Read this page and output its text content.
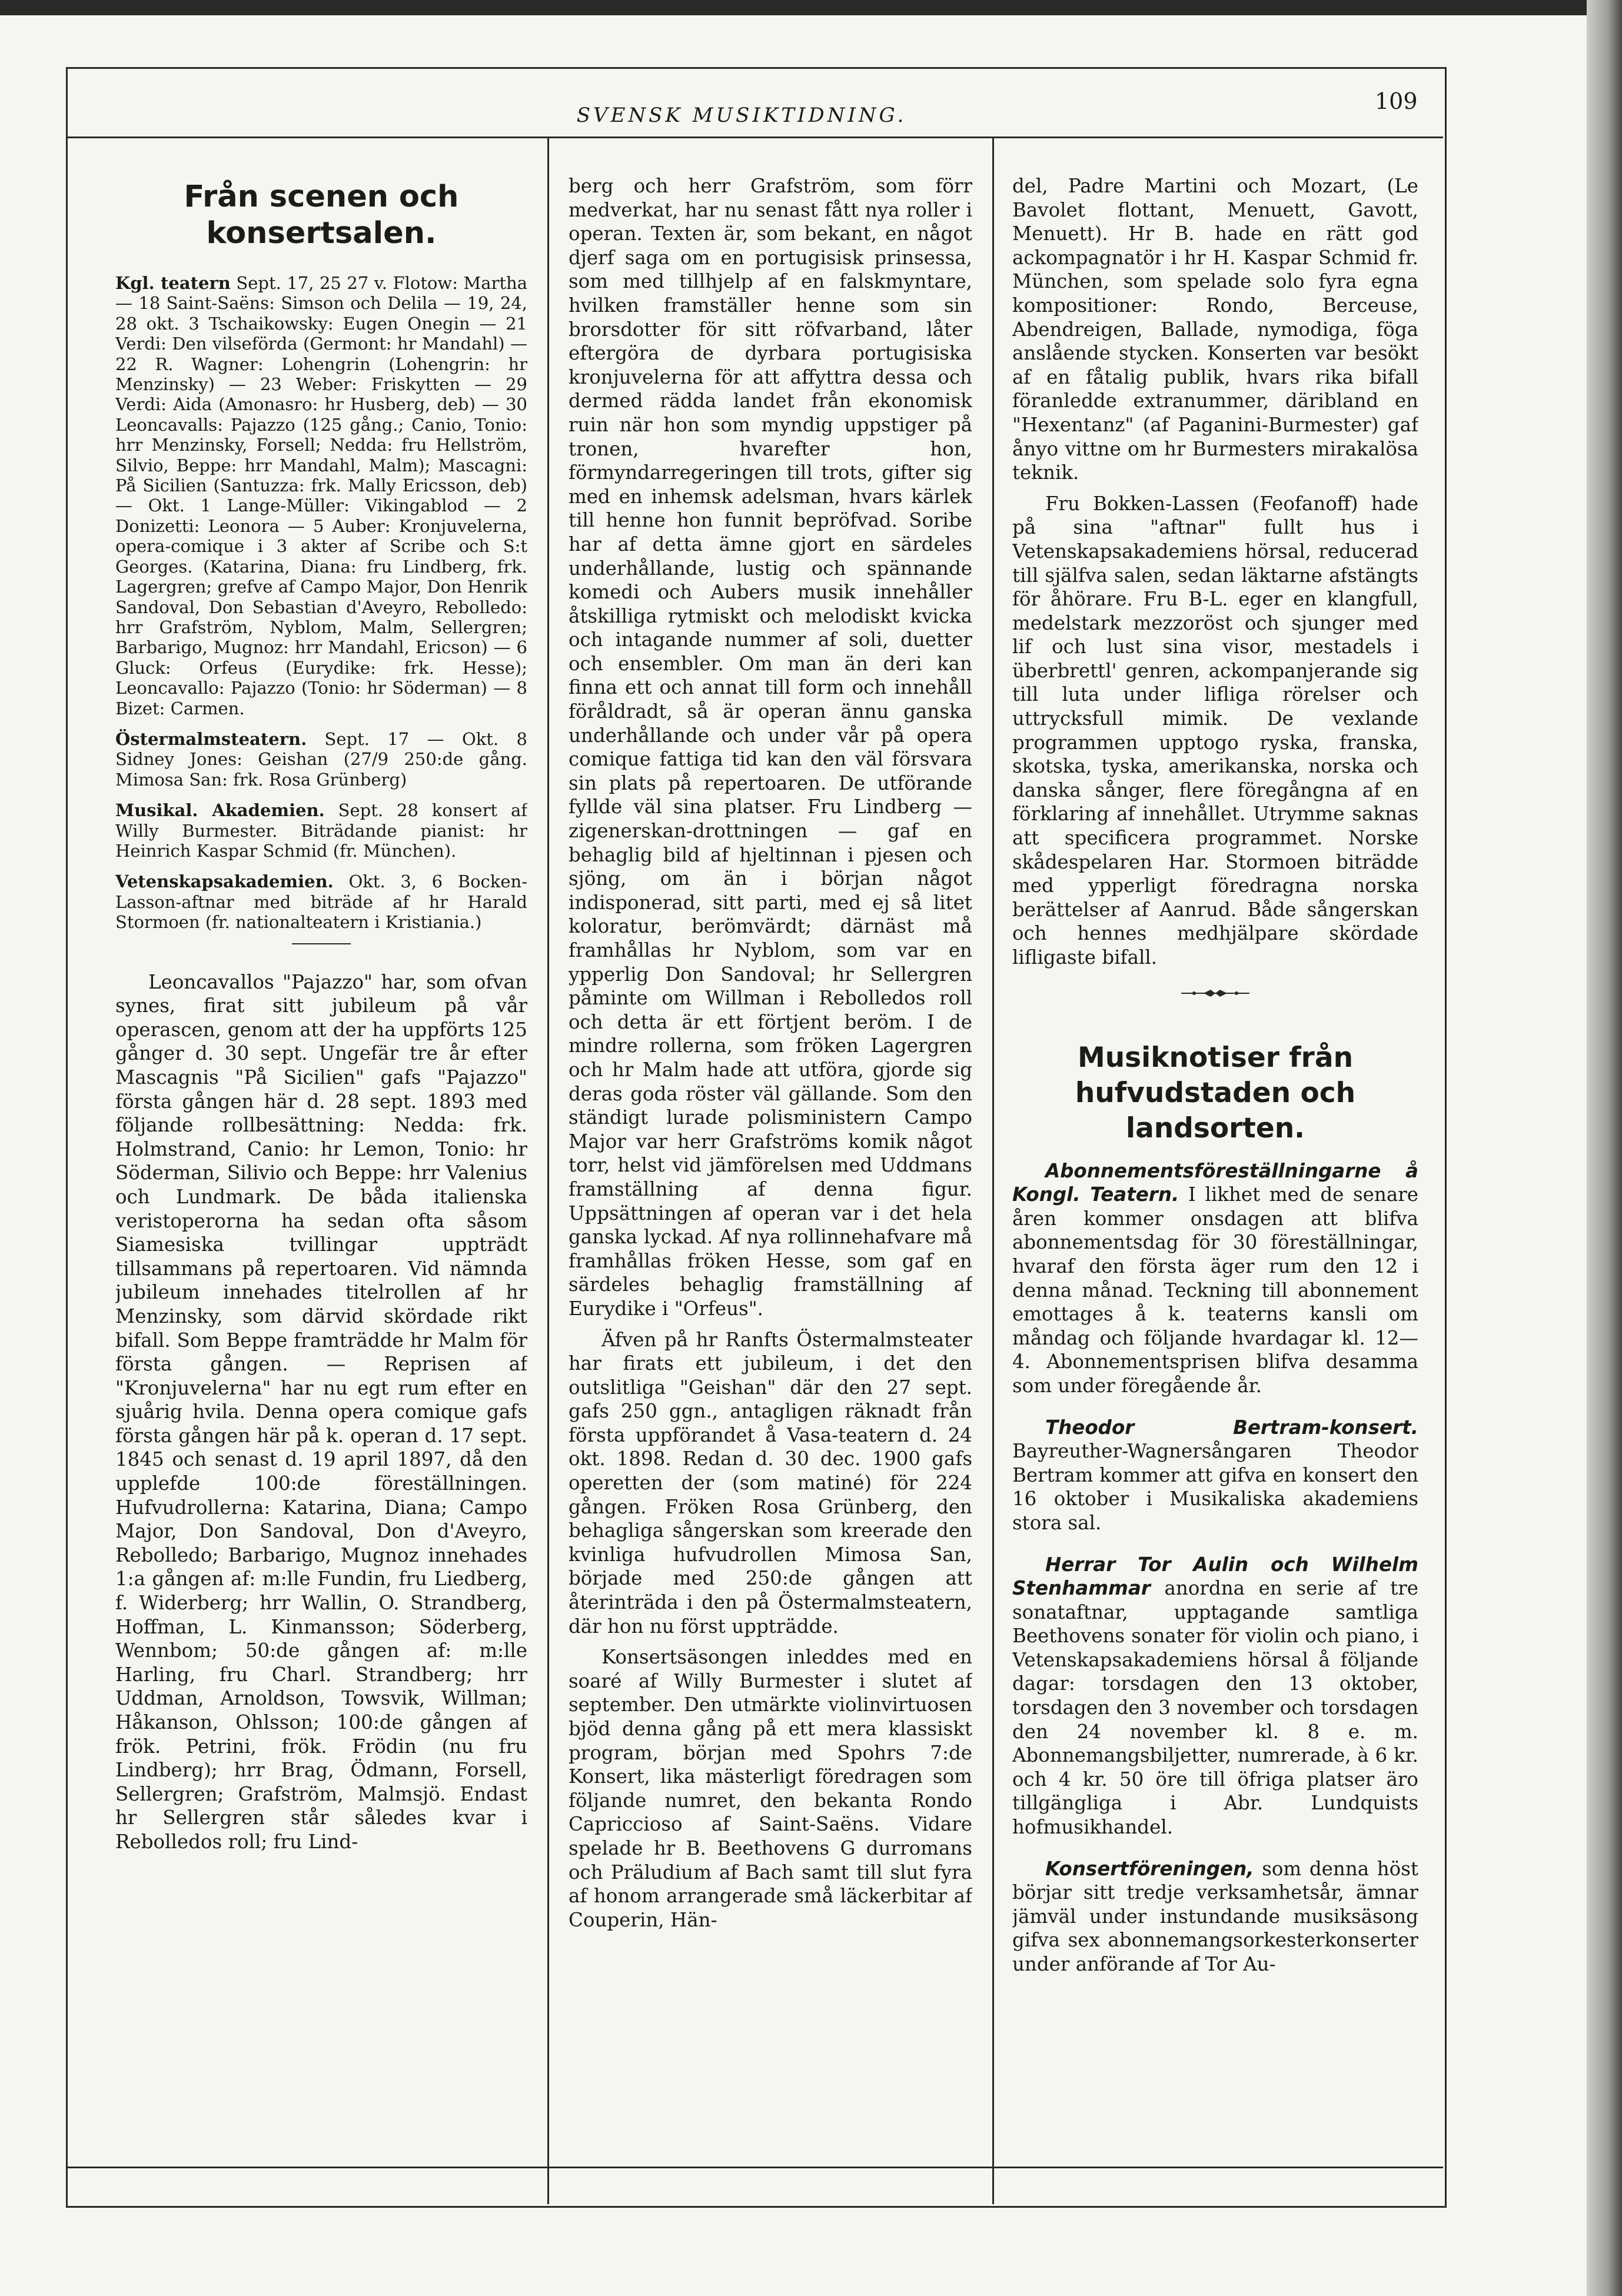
SVENSK MUSIKTIDNING.
109
Från scenen och konsertsalen.

Kgl. teatern Sept. 17, 25 27 v. Flotow: Martha — 18 Saint-Saëns: Simson och Delila — 19, 24, 28 okt. 3 Tschaikowsky: Eugen Onegin — 21 Verdi: Den vilseförda (Germont: hr Mandahl) — 22 R. Wagner: Lohengrin (Lohengrin: hr Menzinsky) — 23 Weber: Friskytten — 29 Verdi: Aida (Amonasro: hr Husberg, deb) — 30 Leoncavalls: Pajazzo (125 gång.; Canio, Tonio: hrr Menzinsky, Forsell; Nedda: fru Hellström, Silvio, Beppe: hrr Mandahl, Malm); Mascagni: På Sicilien (Santuzza: frk. Mally Ericsson, deb) — Okt. 1 Lange-Müller: Vikingablod — 2 Donizetti: Leonora — 5 Auber: Kronjuvelerna, opera-comique i 3 akter af Scribe och S:t Georges. (Katarina, Diana: fru Lindberg, frk. Lagergren; grefve af Campo Major, Don Henrik Sandoval, Don Sebastian d'Aveyro, Rebolledo: hrr Grafström, Nyblom, Malm, Sellergren; Barbarigo, Mugnoz: hrr Mandahl, Ericson) — 6 Gluck: Orfeus (Eurydike: frk. Hesse); Leoncavallo: Pajazzo (Tonio: hr Söderman) — 8 Bizet: Carmen.

Östermalmsteatern. Sept. 17 — Okt. 8 Sidney Jones: Geishan (27/9 250:de gång. Mimosa San: frk. Rosa Grünberg)

Musikal. Akademien. Sept. 28 konsert af Willy Burmester. Biträdande pianist: hr Heinrich Kaspar Schmid (fr. München).

Vetenskapsakademien. Okt. 3, 6 Bocken-Lasson-aftnar med biträde af hr Harald Stormoen (fr. nationalteatern i Kristiania.)

Leoncavallos "Pajazzo" har, som ofvan synes, firat sitt jubileum på vår operascen, genom att der ha uppförts 125 gånger d. 30 sept. Ungefär tre år efter Mascagnis "På Sicilien" gafs "Pajazzo" första gången här d. 28 sept. 1893 med följande rollbesättning: Nedda: frk. Holmstrand, Canio: hr Lemon, Tonio: hr Söderman, Silivio och Beppe: hrr Valenius och Lundmark. De båda italienska veristoperorna ha sedan ofta såsom Siamesiska tvillingar uppträdt tillsammans på repertoaren. Vid nämnda jubileum innehades titelrollen af hr Menzinsky, som därvid skördade rikt bifall. Som Beppe framträdde hr Malm för första gången. — Reprisen af "Kronjuvelerna" har nu egt rum efter en sjuårig hvila. Denna opera comique gafs första gången här på k. operan d. 17 sept. 1845 och senast d. 19 april 1897, då den upplefde 100:de föreställningen. Hufvudrollerna: Katarina, Diana; Campo Major, Don Sandoval, Don d'Aveyro, Rebolledo; Barbarigo, Mugnoz innehades 1:a gången af: m:lle Fundin, fru Liedberg, f. Widerberg; hrr Wallin, O. Strandberg, Hoffman, L. Kinmansson; Söderberg, Wennbom; 50:de gången af: m:lle Harling, fru Charl. Strandberg; hrr Uddman, Arnoldson, Towsvik, Willman; Håkanson, Ohlsson; 100:de gången af frök. Petrini, frök. Frödin (nu fru Lindberg); hrr Brag, Ödmann, Forsell, Sellergren; Grafström, Malmsjö. Endast hr Sellergren står således kvar i Rebolledos roll; fru Lind-

berg och herr Grafström, som förr medverkat, har nu senast fått nya roller i operan. Texten är, som bekant, en något djerf saga om en portugisisk prinsessa, som med tillhjelp af en falskmyntare, hvilken framställer henne som sin brorsdotter för sitt röfvarband, låter eftergöra de dyrbara portugisiska kronjuvelerna för att affyttra dessa och dermed rädda landet från ekonomisk ruin när hon som myndig uppstiger på tronen, hvarefter hon, förmyndarregeringen till trots, gifter sig med en inhemsk adelsman, hvars kärlek till henne hon funnit bepröfvad. Soribe har af detta ämne gjort en särdeles underhållande, lustig och spännande komedi och Aubers musik innehåller åtskilliga rytmiskt och melodiskt kvicka och intagande nummer af soli, duetter och ensembler. Om man än deri kan finna ett och annat till form och innehåll föråldradt, så är operan ännu ganska underhållande och under vår på opera comique fattiga tid kan den väl försvara sin plats på repertoaren. De utförande fyllde väl sina platser. Fru Lindberg — zigenerskan-drottningen — gaf en behaglig bild af hjeltinnan i pjesen och sjöng, om än i början något indisponerad, sitt parti, med ej så litet koloratur, berömvärdt; därnäst må framhållas hr Nyblom, som var en ypperlig Don Sandoval; hr Sellergren påminte om Willman i Rebolledos roll och detta är ett förtjent beröm. I de mindre rollerna, som fröken Lagergren och hr Malm hade att utföra, gjorde sig deras goda röster väl gällande. Som den ständigt lurade polisministern Campo Major var herr Grafströms komik något torr, helst vid jämförelsen med Uddmans framställning af denna figur. Uppsättningen af operan var i det hela ganska lyckad. Af nya rollinnehafvare må framhållas fröken Hesse, som gaf en särdeles behaglig framställning af Eurydike i "Orfeus".

Äfven på hr Ranfts Östermalmsteater har firats ett jubileum, i det den outslitliga "Geishan" där den 27 sept. gafs 250 ggn., antagligen räknadt från första uppförandet å Vasa-teatern d. 24 okt. 1898. Redan d. 30 dec. 1900 gafs operetten der (som matiné) för 224 gången. Fröken Rosa Grünberg, den behagliga sångerskan som kreerade den kvinliga hufvudrollen Mimosa San, började med 250:de gången att återinträda i den på Östermalmsteatern, där hon nu först uppträdde.

Konsertsäsongen inleddes med en soaré af Willy Burmester i slutet af september. Den utmärkte violinvirtuosen bjöd denna gång på ett mera klassiskt program, början med Spohrs 7:de Konsert, lika mästerligt föredragen som följande numret, den bekanta Rondo Capriccioso af Saint-Saëns. Vidare spelade hr B. Beethovens G durromans och Präludium af Bach samt till slut fyra af honom arrangerade små läckerbitar af Couperin, Hän-

del, Padre Martini och Mozart, (Le Bavolet flottant, Menuett, Gavott, Menuett). Hr B. hade en rätt god ackompagnatör i hr H. Kaspar Schmid fr. München, som spelade solo fyra egna kompositioner: Rondo, Berceuse, Abendreigen, Ballade, nymodiga, föga anslående stycken. Konserten var besökt af en fåtalig publik, hvars rika bifall föranledde extranummer, däribland en "Hexentanz" (af Paganini-Burmester) gaf ånyo vittne om hr Burmesters mirakalösa teknik.

Fru Bokken-Lassen (Feofanoff) hade på sina "aftnar" fullt hus i Vetenskapsakademiens hörsal, reducerad till själfva salen, sedan läktarne afstängts för åhörare. Fru B-L. eger en klangfull, medelstark mezzoröst och sjunger med lif och lust sina visor, mestadels i überbrettl' genren, ackompanjerande sig till luta under lifliga rörelser och uttrycksfull mimik. De vexlande programmen upptogo ryska, franska, skotska, tyska, amerikanska, norska och danska sånger, flere föregångna af en förklaring af innehållet. Utrymme saknas att specificera programmet. Norske skådespelaren Har. Stormoen biträdde med ypperligt föredragna norska berättelser af Aanrud. Både sångerskan och hennes medhjälpare skördade lifligaste bifall.

Musiknotiser från hufvudstaden och landsorten.

Abonnementsföreställningarne å Kongl. Teatern. I likhet med de senare åren kommer onsdagen att blifva abonnementsdag för 30 föreställningar, hvaraf den första äger rum den 12 i denna månad. Teckning till abonnement emottages å k. teaterns kansli om måndag och följande hvardagar kl. 12—4. Abonnementsprisen blifva desamma som under föregående år.

Theodor Bertram-konsert. Bayreuther-Wagnersångaren Theodor Bertram kommer att gifva en konsert den 16 oktober i Musikaliska akademiens stora sal.

Herrar Tor Aulin och Wilhelm Stenhammar anordna en serie af tre sonataftnar, upptagande samtliga Beethovens sonater för violin och piano, i Vetenskapsakademiens hörsal å följande dagar: torsdagen den 13 oktober, torsdagen den 3 november och torsdagen den 24 november kl. 8 e. m. Abonnemangsbiljetter, numrerade, à 6 kr. och 4 kr. 50 öre till öfriga platser äro tillgängliga i Abr. Lundquists hofmusikhandel.

Konsertföreningen, som denna höst börjar sitt tredje verksamhetsår, ämnar jämväl under instundande musiksäsong gifva sex abonnemangsorkesterkonserter under anförande af Tor Au-
